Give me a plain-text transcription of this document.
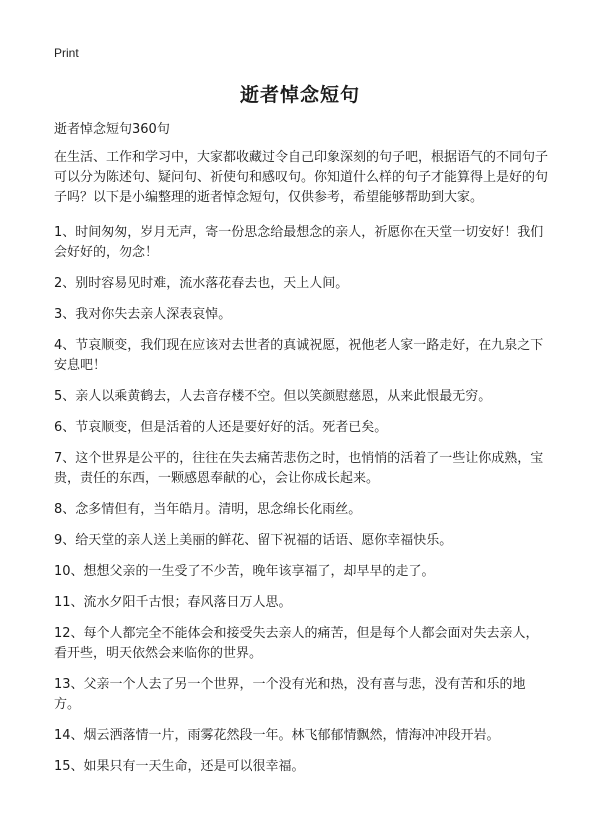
Print
逝者悼念短句

逝者悼念短句360句

在生活、工作和学习中，大家都收藏过令自己印象深刻的句子吧，根据语气的不同句子可以分为陈述句、疑问句、祈使句和感叹句。你知道什么样的句子才能算得上是好的句子吗？以下是小编整理的逝者悼念短句，仅供参考，希望能够帮助到大家。

1、时间匆匆，岁月无声，寄一份思念给最想念的亲人，祈愿你在天堂一切安好！我们会好好的，勿念！

2、别时容易见时难，流水落花春去也，天上人间。

3、我对你失去亲人深表哀悼。

4、节哀顺变，我们现在应该对去世者的真诚祝愿，祝他老人家一路走好，在九泉之下安息吧！

5、亲人以乘黄鹤去，人去音存楼不空。但以笑颜慰慈恩，从来此恨最无穷。

6、节哀顺变，但是活着的人还是要好好的活。死者已矣。

7、这个世界是公平的，往往在失去痛苦悲伤之时，也悄悄的活着了一些让你成熟，宝贵，责任的东西，一颗感恩奉献的心，会让你成长起来。

8、念多情但有，当年皓月。清明，思念绵长化雨丝。

9、给天堂的亲人送上美丽的鲜花、留下祝福的话语、愿你幸福快乐。

10、想想父亲的一生受了不少苦，晚年该享福了，却早早的走了。

11、流水夕阳千古恨；春风落日万人思。

12、每个人都完全不能体会和接受失去亲人的痛苦，但是每个人都会面对失去亲人，看开些，明天依然会来临你的世界。

13、父亲一个人去了另一个世界，一个没有光和热，没有喜与悲，没有苦和乐的地方。

14、烟云洒落情一片，雨雾花然段一年。林飞郁郁情飘然，情海冲冲段开岩。

15、如果只有一天生命，还是可以很幸福。
